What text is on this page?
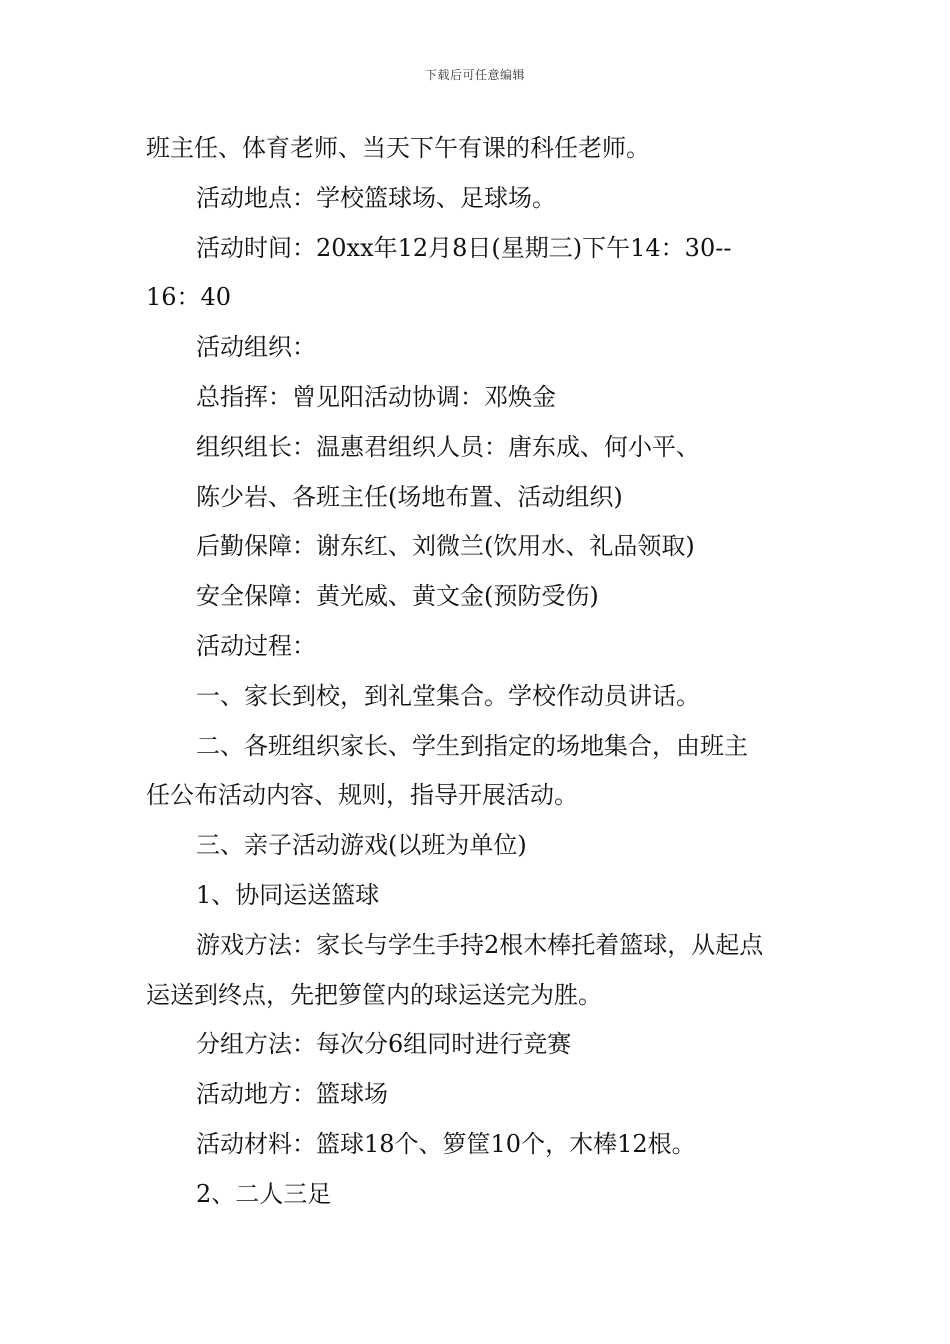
下载后可任意编辑
班主任、体育老师、当天下午有课的科任老师。
活动地点：学校篮球场、足球场。
活动时间：20xx年12月8日(星期三)下午14：30--
16：40
活动组织：
总指挥：曾见阳活动协调：邓焕金
组织组长：温惠君组织人员：唐东成、何小平、
陈少岩、各班主任(场地布置、活动组织)
后勤保障：谢东红、刘微兰(饮用水、礼品领取)
安全保障：黄光威、黄文金(预防受伤)
活动过程：
一、家长到校，到礼堂集合。学校作动员讲话。
二、各班组织家长、学生到指定的场地集合，由班主
任公布活动内容、规则，指导开展活动。
三、亲子活动游戏(以班为单位)
1、协同运送篮球
游戏方法：家长与学生手持2根木棒托着篮球，从起点
运送到终点，先把箩筐内的球运送完为胜。
分组方法：每次分6组同时进行竞赛
活动地方：篮球场
活动材料：篮球18个、箩筐10个，木棒12根。
2、二人三足
